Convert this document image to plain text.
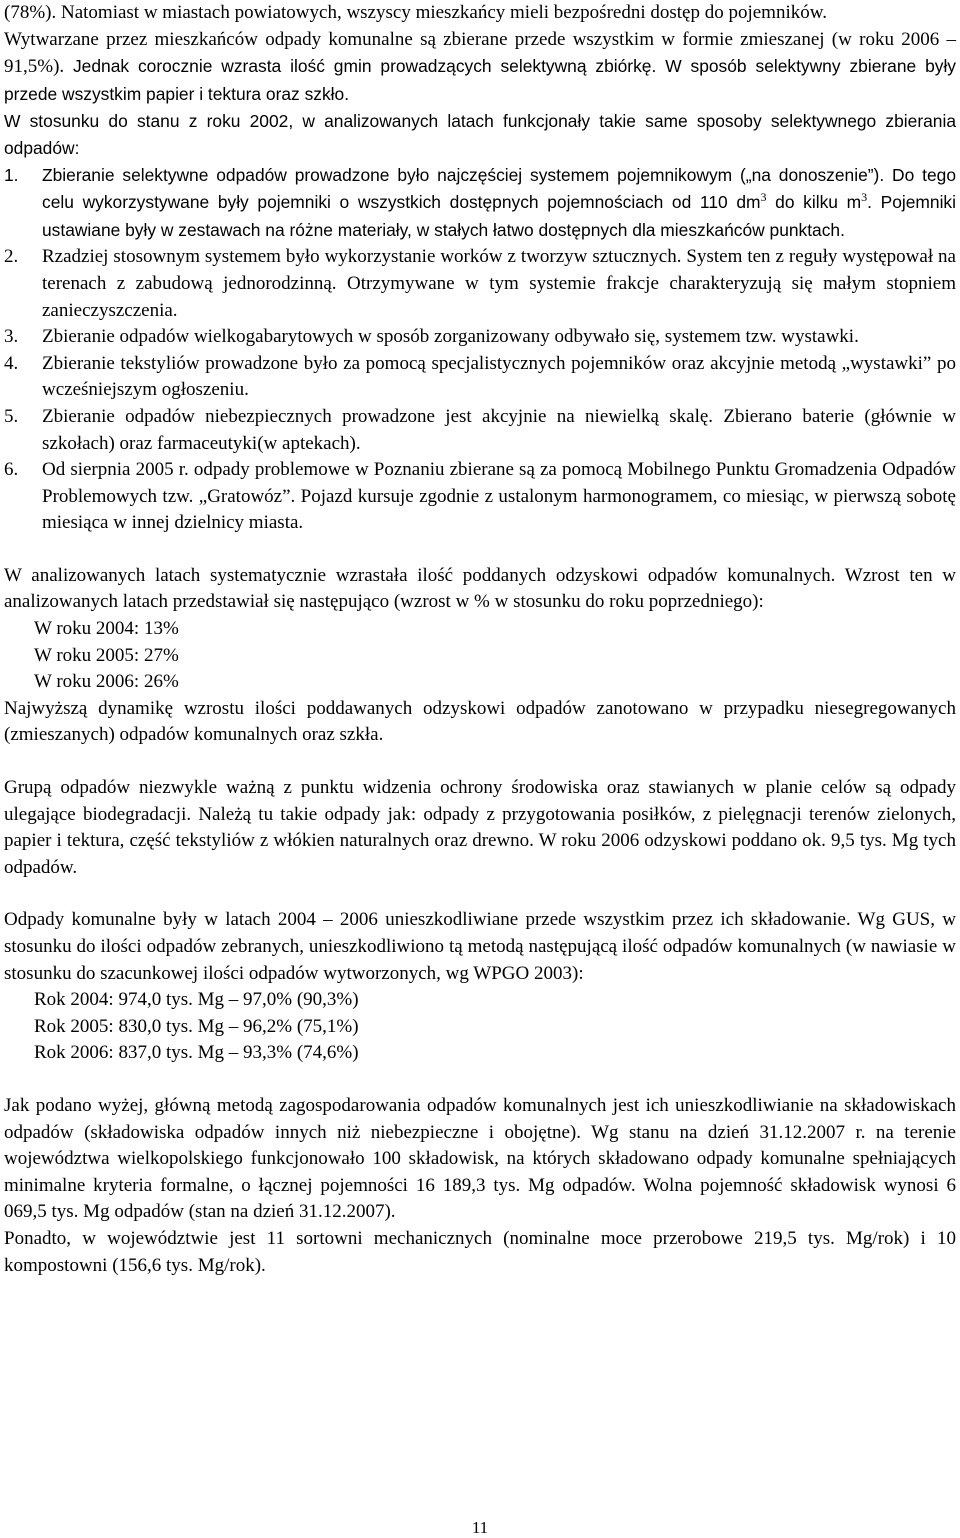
(78%). Natomiast w miastach powiatowych, wszyscy mieszkańcy mieli bezpośredni dostęp do pojemników.

Wytwarzane przez mieszkańców odpady komunalne są zbierane przede wszystkim w formie zmieszanej (w roku 2006 – 91,5%). Jednak corocznie wzrasta ilość gmin prowadzących selektywną zbiórkę. W sposób selektywny zbierane były przede wszystkim papier i tektura oraz szkło.

W stosunku do stanu z roku 2002, w analizowanych latach funkcjonały takie same sposoby selektywnego zbierania odpadów:

1. Zbieranie selektywne odpadów prowadzone było najczęściej systemem pojemnikowym („na donoszenie”). Do tego celu wykorzystywane były pojemniki o wszystkich dostępnych pojemnościach od 110 $dm^3$ do kilku $m^3$. Pojemniki ustawiane były w zestawach na różne materiały, w stałych łatwo dostępnych dla mieszkańców punktach.
2. Rzadziej stosownym systemem było wykorzystanie worków z tworzyw sztucznych. System ten z reguły występował na terenach z zabudową jednorodzinną. Otrzymywane w tym systemie frakcje charakteryzują się małym stopniem zanieczyszczenia.
3. Zbieranie odpadów wielkogabarytowych w sposób zorganizowany odbywało się, systemem tzw. wystawki.
4. Zbieranie tekstyliów prowadzone było za pomocą specjalistycznych pojemników oraz akcyjnie metodą „wystawki” po wcześniejszym ogłoszeniu.
5. Zbieranie odpadów niebezpiecznych prowadzone jest akcyjnie na niewielką skalę. Zbierano baterie (głównie w szkołach) oraz farmaceutyki(w aptekach).
6. Od sierpnia 2005 r. odpady problemowe w Poznaniu zbierane są za pomocą Mobilnego Punktu Gromadzenia Odpadów Problemowych tzw. „Gratowóz”. Pojazd kursuje zgodnie z ustalonym harmonogramem, co miesiąc, w pierwszą sobotę miesiąca w innej dzielnicy miasta.

W analizowanych latach systematycznie wzrastała ilość poddanych odzyskowi odpadów komunalnych. Wzrost ten w analizowanych latach przedstawiał się następująco (wzrost w % w stosunku do roku poprzedniego):

W roku 2004: 13%
W roku 2005: 27%
W roku 2006: 26%

Najwyższą dynamikę wzrostu ilości poddawanych odzyskowi odpadów zanotowano w przypadku niesegregowanych (zmieszanych) odpadów komunalnych oraz szkła.

Grupą odpadów niezwykle ważną z punktu widzenia ochrony środowiska oraz stawianych w planie celów są odpady ulegające biodegradacji. Należą tu takie odpady jak: odpady z przygotowania posiłków, z pielęgnacji terenów zielonych, papier i tektura, część tekstyliów z włókien naturalnych oraz drewno. W roku 2006 odzyskowi poddano ok. 9,5 tys. Mg tych odpadów.

Odpady komunalne były w latach 2004 – 2006 unieszkodliwiane przede wszystkim przez ich składowanie. Wg GUS, w stosunku do ilości odpadów zebranych, unieszkodliwiono tą metodą następującą ilość odpadów komunalnych (w nawiasie w stosunku do szacunkowej ilości odpadów wytworzonych, wg WPGO 2003):

Rok 2004: 974,0 tys. Mg – 97,0% (90,3%)
Rok 2005: 830,0 tys. Mg – 96,2% (75,1%)
Rok 2006: 837,0 tys. Mg – 93,3% (74,6%)

Jak podano wyżej, główną metodą zagospodarowania odpadów komunalnych jest ich unieszkodliwianie na składowiskach odpadów (składowiska odpadów innych niż niebezpieczne i obojętne). Wg stanu na dzień 31.12.2007 r. na terenie województwa wielkopolskiego funkcjonowało 100 składowisk, na których składowano odpady komunalne spełniających minimalne kryteria formalne, o łącznej pojemności 16 189,3 tys. Mg odpadów. Wolna pojemność składowisk wynosi 6 069,5 tys. Mg odpadów (stan na dzień 31.12.2007).

Ponadto, w województwie jest 11 sortowni mechanicznych (nominalne moce przerobowe 219,5 tys. Mg/rok) i 10 kompostowni (156,6 tys. Mg/rok).

11
